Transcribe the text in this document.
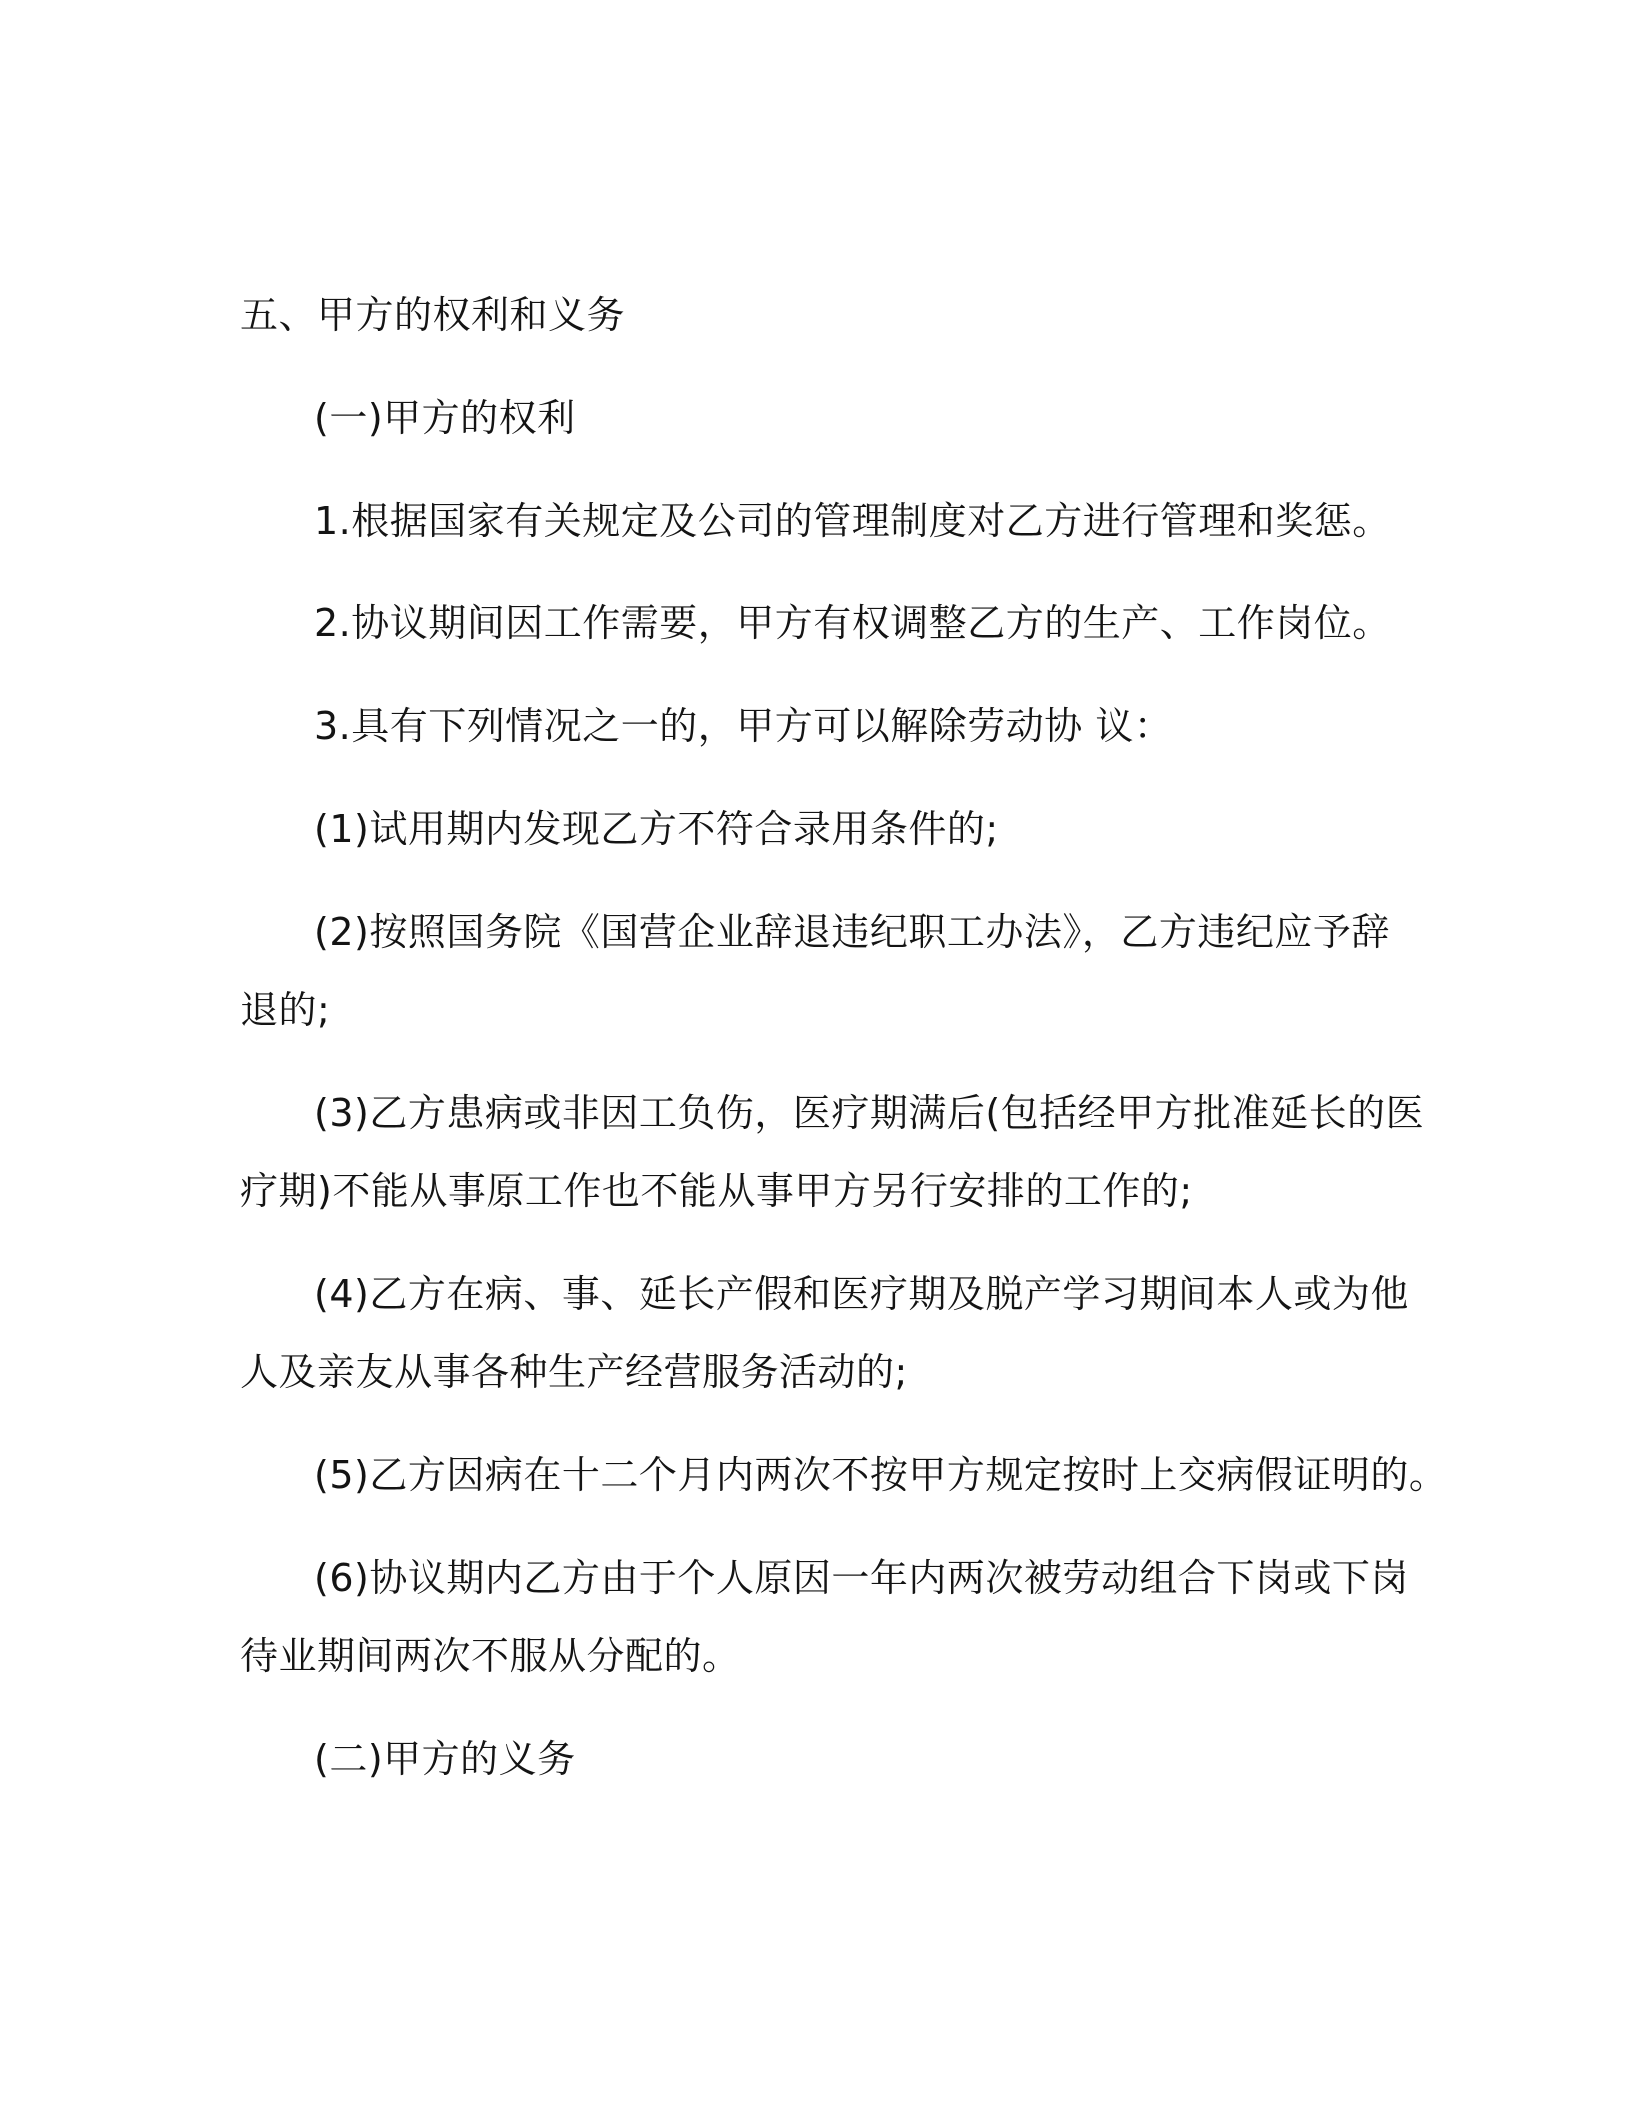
五、甲方的权利和义务

(一)甲方的权利

1.根据国家有关规定及公司的管理制度对乙方进行管理和奖惩。

2.协议期间因工作需要，甲方有权调整乙方的生产、工作岗位。

3.具有下列情况之一的，甲方可以解除劳动协 议：

(1)试用期内发现乙方不符合录用条件的;

(2)按照国务院《国营企业辞退违纪职工办法》，乙方违纪应予辞

退的;

(3)乙方患病或非因工负伤，医疗期满后(包括经甲方批准延长的医

疗期)不能从事原工作也不能从事甲方另行安排的工作的;

(4)乙方在病、事、延长产假和医疗期及脱产学习期间本人或为他

人及亲友从事各种生产经营服务活动的;

(5)乙方因病在十二个月内两次不按甲方规定按时上交病假证明的。

(6)协议期内乙方由于个人原因一年内两次被劳动组合下岗或下岗

待业期间两次不服从分配的。

(二)甲方的义务
